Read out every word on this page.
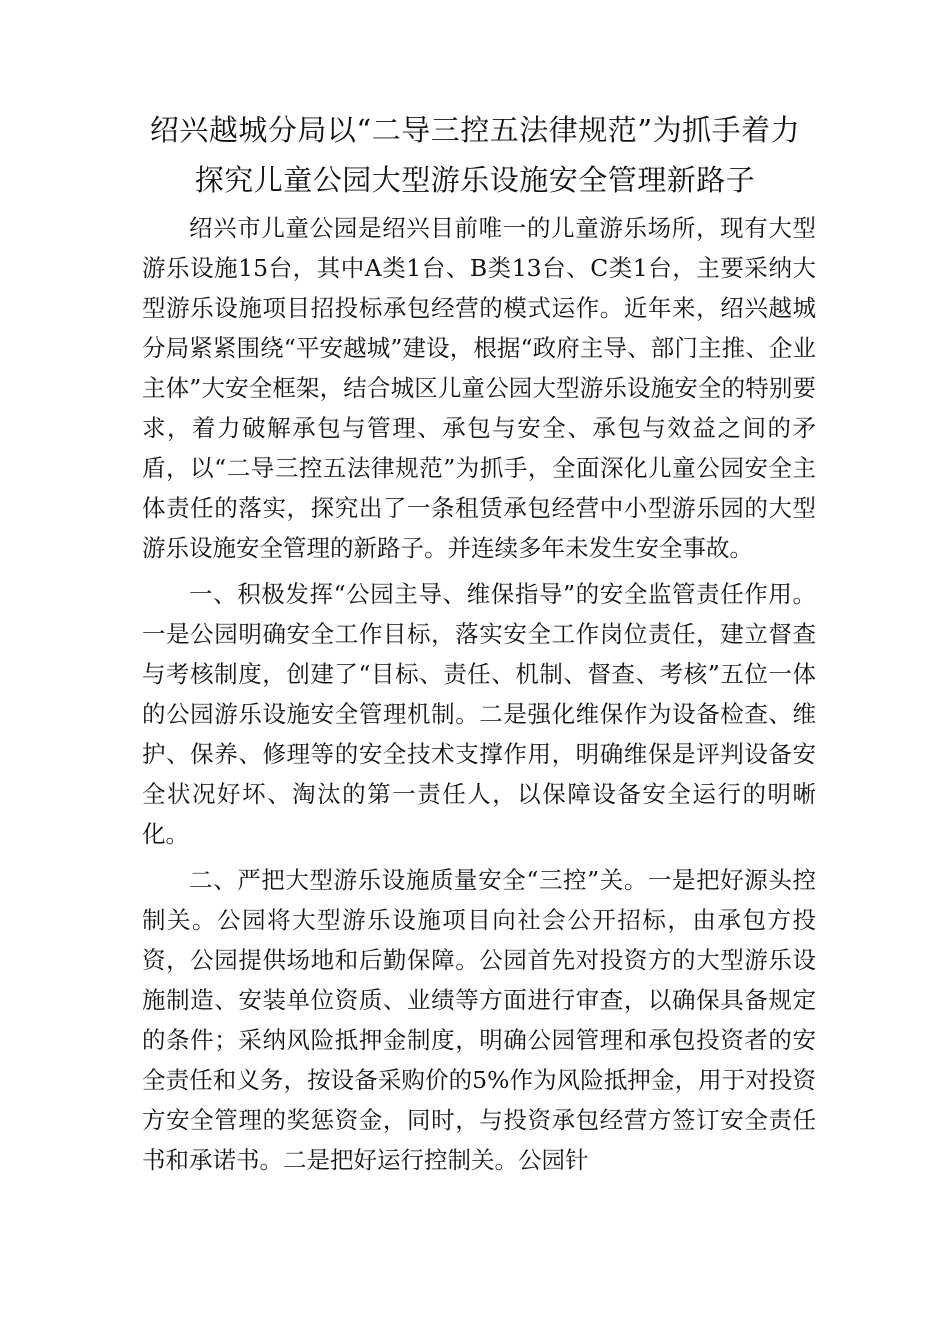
绍兴越城分局以“二导三控五法律规范”为抓手着力
探究儿童公园大型游乐设施安全管理新路子

绍兴市儿童公园是绍兴目前唯一的儿童游乐场所，现有大型游乐设施15台，其中A类1台、B类13台、C类1台，主要采纳大型游乐设施项目招投标承包经营的模式运作。近年来，绍兴越城分局紧紧围绕“平安越城”建设，根据“政府主导、部门主推、企业主体”大安全框架，结合城区儿童公园大型游乐设施安全的特别要求，着力破解承包与管理、承包与安全、承包与效益之间的矛盾，以“二导三控五法律规范”为抓手，全面深化儿童公园安全主体责任的落实，探究出了一条租赁承包经营中小型游乐园的大型游乐设施安全管理的新路子。并连续多年未发生安全事故。

一、积极发挥“公园主导、维保指导”的安全监管责任作用。一是公园明确安全工作目标，落实安全工作岗位责任，建立督查与考核制度，创建了“目标、责任、机制、督查、考核”五位一体的公园游乐设施安全管理机制。二是强化维保作为设备检查、维护、保养、修理等的安全技术支撑作用，明确维保是评判设备安全状况好坏、淘汰的第一责任人，以保障设备安全运行的明晰化。

二、严把大型游乐设施质量安全“三控”关。一是把好源头控制关。公园将大型游乐设施项目向社会公开招标，由承包方投资，公园提供场地和后勤保障。公园首先对投资方的大型游乐设施制造、安装单位资质、业绩等方面进行审查，以确保具备规定的条件；采纳风险抵押金制度，明确公园管理和承包投资者的安全责任和义务，按设备采购价的5%作为风险抵押金，用于对投资方安全管理的奖惩资金，同时，与投资承包经营方签订安全责任书和承诺书。二是把好运行控制关。公园针
